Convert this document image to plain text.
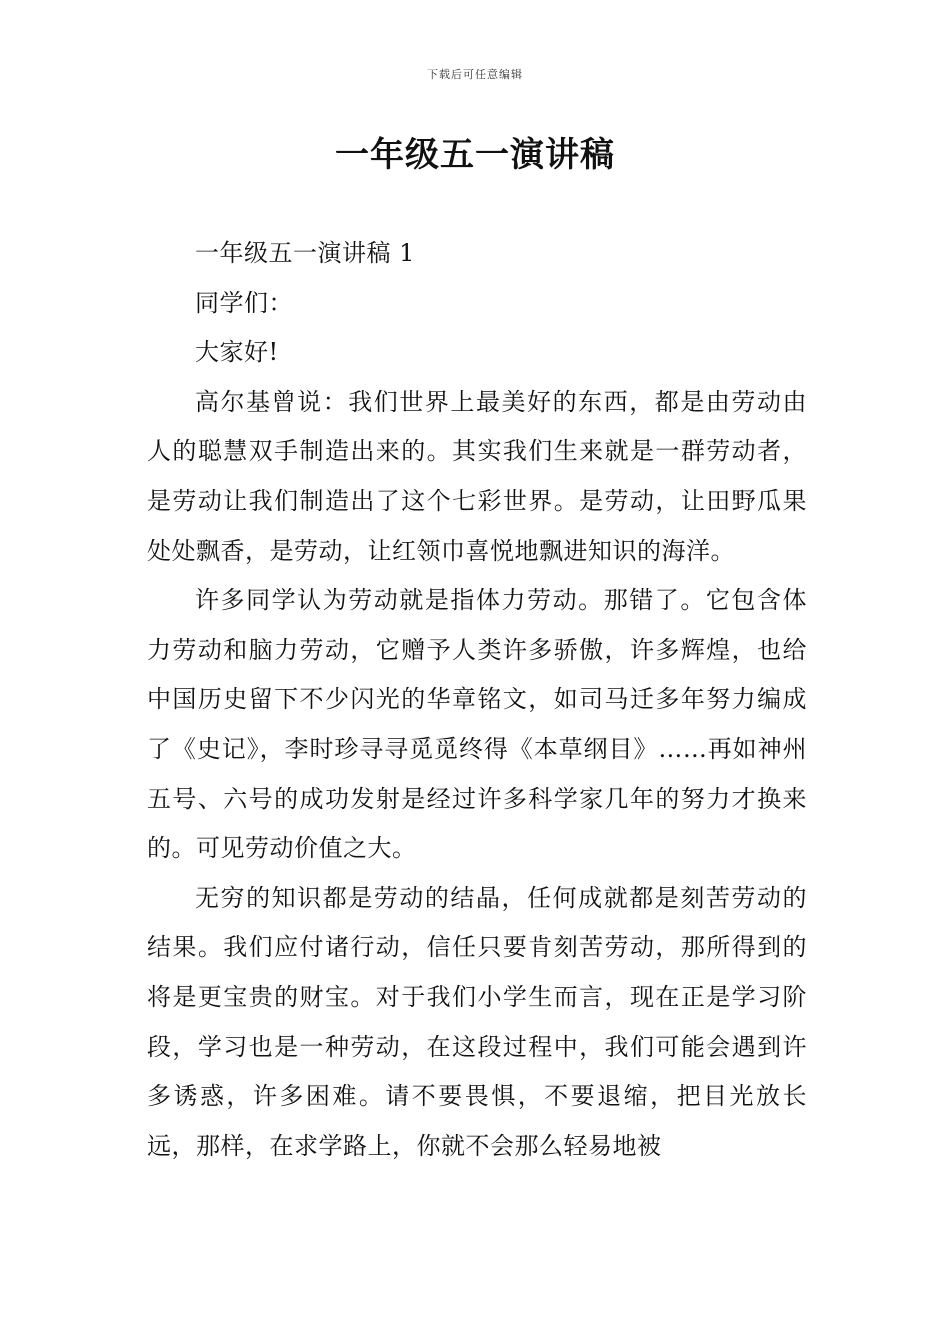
下载后可任意编辑
一年级五一演讲稿

一年级五一演讲稿 1

同学们：

大家好!

高尔基曾说：我们世界上最美好的东西，都是由劳动由人的聪慧双手制造出来的。其实我们生来就是一群劳动者，是劳动让我们制造出了这个七彩世界。是劳动，让田野瓜果处处飘香，是劳动，让红领巾喜悦地飘进知识的海洋。

许多同学认为劳动就是指体力劳动。那错了。它包含体力劳动和脑力劳动，它赠予人类许多骄傲，许多辉煌，也给中国历史留下不少闪光的华章铭文，如司马迁多年努力编成了《史记》，李时珍寻寻觅觅终得《本草纲目》……再如神州五号、六号的成功发射是经过许多科学家几年的努力才换来的。可见劳动价值之大。

无穷的知识都是劳动的结晶，任何成就都是刻苦劳动的结果。我们应付诸行动，信任只要肯刻苦劳动，那所得到的将是更宝贵的财宝。对于我们小学生而言，现在正是学习阶段，学习也是一种劳动，在这段过程中，我们可能会遇到许多诱惑，许多困难。请不要畏惧，不要退缩，把目光放长远，那样，在求学路上，你就不会那么轻易地被
